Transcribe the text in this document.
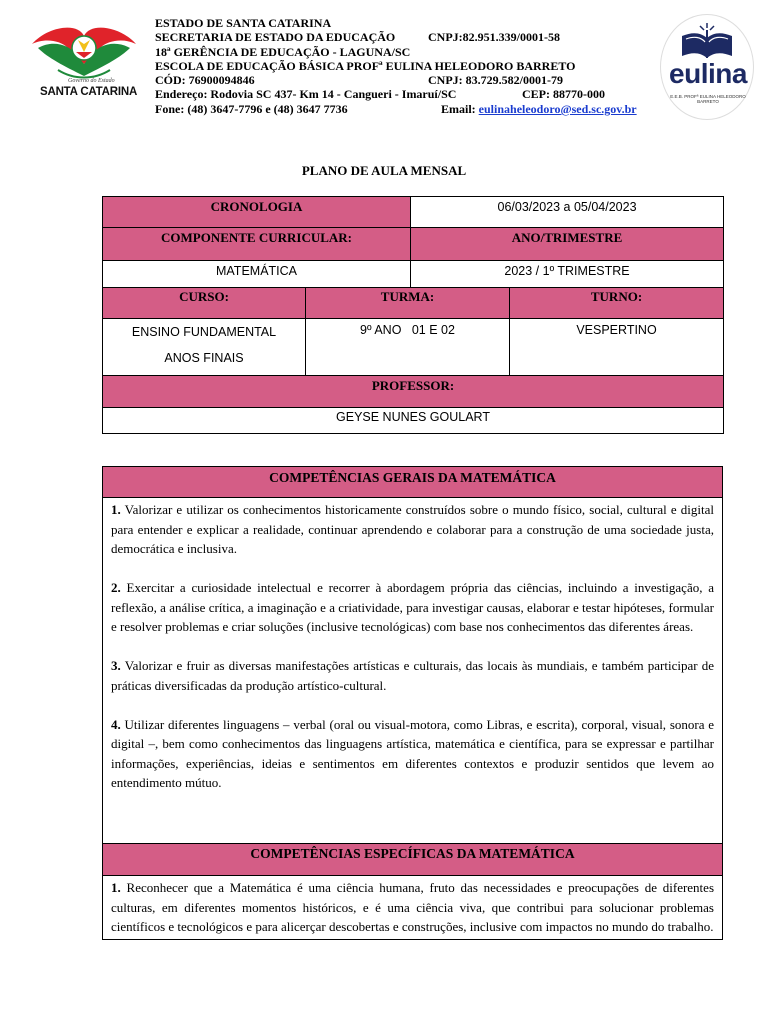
Governo do Estado
SANTA CATARINA
ESTADO DE SANTA CATARINA
SECRETARIA DE ESTADO DA EDUCAÇÃO	CNPJ:82.951.339/0001-58
18ª GERÊNCIA DE EDUCAÇÃO - LAGUNA/SC
ESCOLA DE EDUCAÇÃO BÁSICA PROFª EULINA HELEODORO BARRETO
CÓD: 76900094846	CNPJ: 83.729.582/0001-79
Endereço: Rodovia SC 437- Km 14 - Cangueri - Imaruí/SC	CEP: 88770-000
Fone: (48) 3647-7796 e (48) 3647 7736	Email: eulinaheleodoro@sed.sc.gov.br
eulina
E.E.B. PROFª EULINA HELEODORO BARRETO
PLANO DE AULA MENSAL
CRONOLOGIA		06/03/2023 a 05/04/2023	
COMPONENTE CURRICULAR:		ANO/TRIMESTRE	
MATEMÁTICA		2023 / 1º TRIMESTRE	
CURSO:	TURMA:		TURNO:

ENSINO FUNDAMENTAL
ANOS FINAIS	9º ANO   01 E 02		VESPERTINO
PROFESSOR:			
GEYSE NUNES GOULART			
COMPETÊNCIAS GERAIS DA MATEMÁTICA

1. Valorizar e utilizar os conhecimentos historicamente construídos sobre o mundo físico, social, cultural e digital para entender e explicar a realidade, continuar aprendendo e colaborar para a construção de uma sociedade justa, democrática e inclusiva.

2. Exercitar a curiosidade intelectual e recorrer à abordagem própria das ciências, incluindo a investigação, a reflexão, a análise crítica, a imaginação e a criatividade, para investigar causas, elaborar e testar hipóteses, formular e resolver problemas e criar soluções (inclusive tecnológicas) com base nos conhecimentos das diferentes áreas.

3. Valorizar e fruir as diversas manifestações artísticas e culturais, das locais às mundiais, e também participar de práticas diversificadas da produção artístico-cultural.

4. Utilizar diferentes linguagens – verbal (oral ou visual-motora, como Libras, e escrita), corporal, visual, sonora e digital –, bem como conhecimentos das linguagens artística, matemática e científica, para se expressar e partilhar informações, experiências, ideias e sentimentos em diferentes contextos e produzir sentidos que levem ao entendimento mútuo.

COMPETÊNCIAS ESPECÍFICAS DA MATEMÁTICA

1. Reconhecer que a Matemática é uma ciência humana, fruto das necessidades e preocupações de diferentes culturas, em diferentes momentos históricos, e é uma ciência viva, que contribui para solucionar problemas científicos e tecnológicos e para alicerçar descobertas e construções, inclusive com impactos no mundo do trabalho.
